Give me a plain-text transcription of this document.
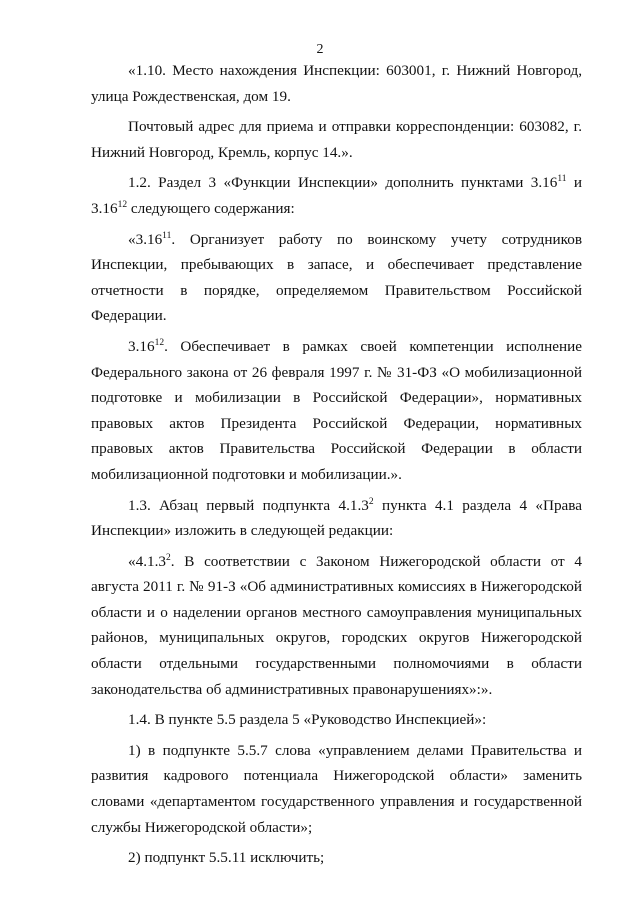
2

«1.10. Место нахождения Инспекции: 603001, г. Нижний Новгород, улица Рождественская, дом 19.

Почтовый адрес для приема и отправки корреспонденции: 603082, г. Нижний Новгород, Кремль, корпус 14.».

1.2. Раздел 3 «Функции Инспекции» дополнить пунктами 3.16$^{11}$ и 3.16$^{12}$ следующего содержания:

«3.16$^{11}$. Организует работу по воинскому учету сотрудников Инспекции, пребывающих в запасе, и обеспечивает представление отчетности в порядке, определяемом Правительством Российской Федерации.

3.16$^{12}$. Обеспечивает в рамках своей компетенции исполнение Федерального закона от 26 февраля 1997 г. № 31-ФЗ «О мобилизационной подготовке и мобилизации в Российской Федерации», нормативных правовых актов Президента Российской Федерации, нормативных правовых актов Правительства Российской Федерации в области мобилизационной подготовки и мобилизации.».

1.3. Абзац первый подпункта 4.1.3$^2$ пункта 4.1 раздела 4 «Права Инспекции» изложить в следующей редакции:

«4.1.3$^2$. В соответствии с Законом Нижегородской области от 4 августа 2011 г. № 91-З «Об административных комиссиях в Нижегородской области и о наделении органов местного самоуправления муниципальных районов, муниципальных округов, городских округов Нижегородской области отдельными государственными полномочиями в области законодательства об административных правонарушениях»:».

1.4. В пункте 5.5 раздела 5 «Руководство Инспекцией»:

1) в подпункте 5.5.7 слова «управлением делами Правительства и развития кадрового потенциала Нижегородской области» заменить словами «департаментом государственного управления и государственной службы Нижегородской области»;

2) подпункт 5.5.11 исключить;
